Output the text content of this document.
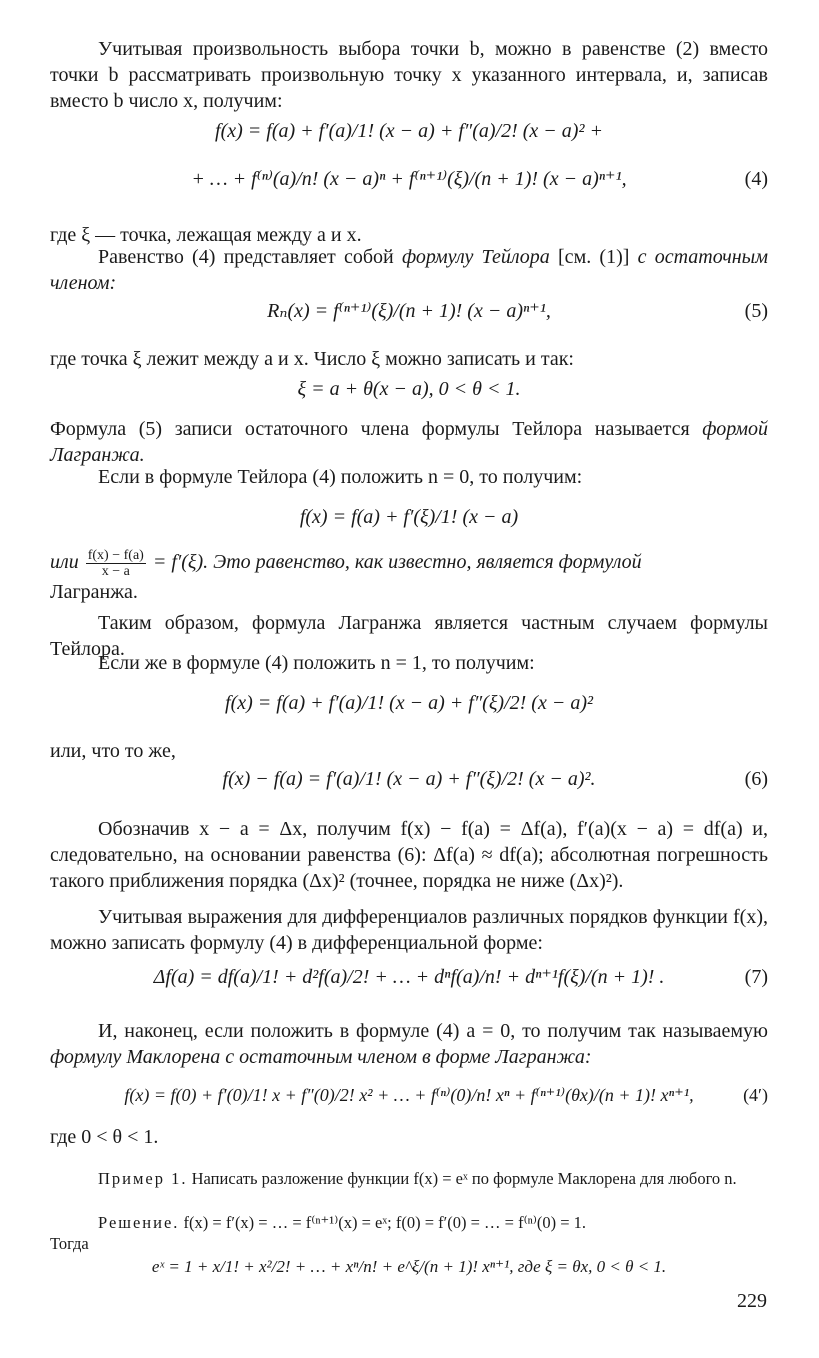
Учитывая произвольность выбора точки b, можно в равенстве (2) вместо точки b рассматривать произвольную точку x указанного интервала, и, записав вместо b число x, получим:
f(x) = f(a) + f′(a)/1! (x − a) + f″(a)/2! (x − a)² +
+ … + f⁽ⁿ⁾(a)/n! (x − a)ⁿ + f⁽ⁿ⁺¹⁾(ξ)/(n + 1)! (x − a)ⁿ⁺¹,	(4)
где ξ — точка, лежащая между a и x.
Равенство (4) представляет собой формулу Тейлора [см. (1)] с остаточным членом:
Rₙ(x) = f⁽ⁿ⁺¹⁾(ξ)/(n + 1)! (x − a)ⁿ⁺¹,	(5)
где точка ξ лежит между a и x. Число ξ можно записать и так:
ξ = a + θ(x − a), 0 < θ < 1.
Формула (5) записи остаточного члена формулы Тейлора называется формой Лагранжа.
Если в формуле Тейлора (4) положить n = 0, то получим:
f(x) = f(a) + f′(ξ)/1! (x − a)
или $\frac{f(x) - f(a)}{x - a} = f'(\xi)$. Это равенство, как известно, является формулой
Лагранжа.
Таким образом, формула Лагранжа является частным случаем формулы Тейлора.
Если же в формуле (4) положить n = 1, то получим:
f(x) = f(a) + f′(a)/1! (x − a) + f″(ξ)/2! (x − a)²
или, что то же,
f(x) − f(a) = f′(a)/1! (x − a) + f″(ξ)/2! (x − a)².	(6)
Обозначив x − a = Δx, получим f(x) − f(a) = Δf(a), f′(a)(x − a) = df(a) и, следовательно, на основании равенства (6): Δf(a) ≈ df(a); абсолютная погрешность такого приближения порядка (Δx)² (точнее, порядка не ниже (Δx)²).
Учитывая выражения для дифференциалов различных порядков функции f(x), можно записать формулу (4) в дифференциальной форме:
Δf(a) = df(a)/1! + d²f(a)/2! + … + dⁿf(a)/n! + dⁿ⁺¹f(ξ)/(n + 1)! .	(7)
И, наконец, если положить в формуле (4) a = 0, то получим так называемую формулу Маклорена с остаточным членом в форме Лагранжа:
f(x) = f(0) + f′(0)/1! x + f″(0)/2! x² + … + f⁽ⁿ⁾(0)/n! xⁿ + f⁽ⁿ⁺¹⁾(θx)/(n + 1)! xⁿ⁺¹,	(4′)
где 0 < θ < 1.
Пример 1. Написать разложение функции f(x) = eˣ по формуле Маклорена для любого n.
Решение. f(x) = f′(x) = … = f⁽ⁿ⁺¹⁾(x) = eˣ; f(0) = f′(0) = … = f⁽ⁿ⁾(0) = 1.
Тогда
eˣ = 1 + x/1! + x²/2! + … + xⁿ/n! + e^ξ/(n + 1)! xⁿ⁺¹, где ξ = θx, 0 < θ < 1.
229
